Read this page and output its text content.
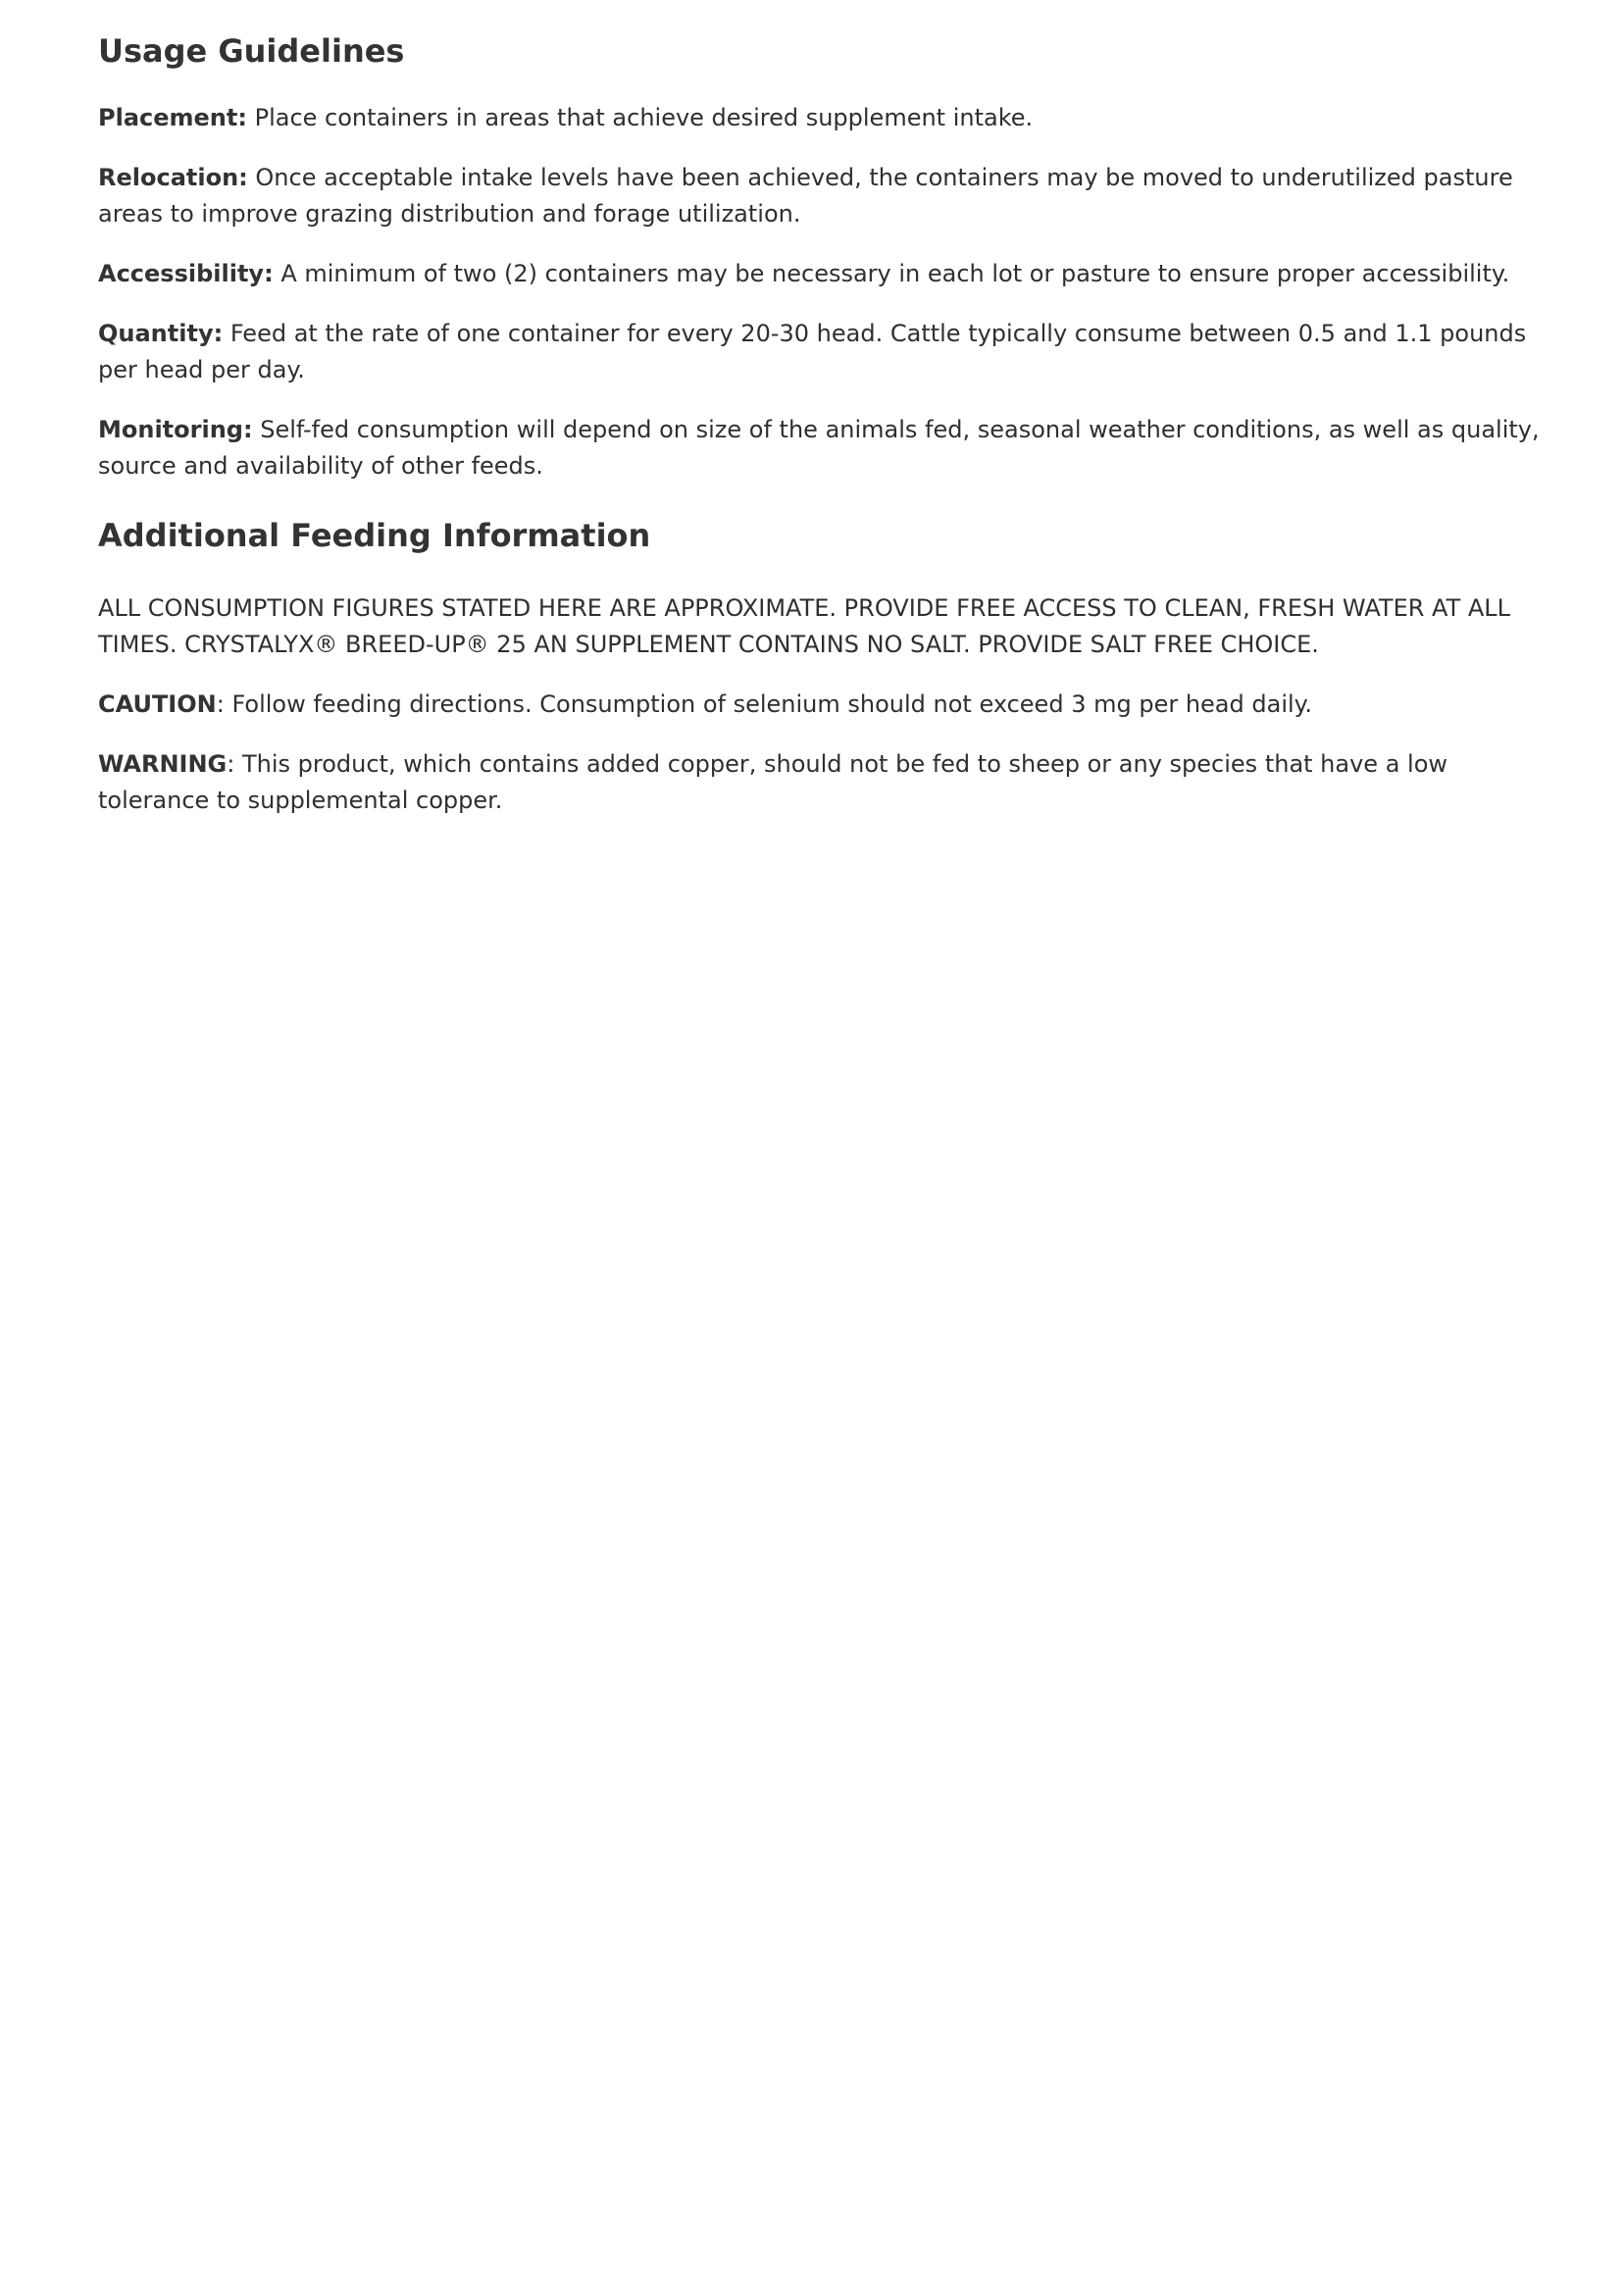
Usage Guidelines

Placement: Place containers in areas that achieve desired supplement intake.

Relocation: Once acceptable intake levels have been achieved, the containers may be moved to underutilized pasture areas to improve grazing distribution and forage utilization.

Accessibility: A minimum of two (2) containers may be necessary in each lot or pasture to ensure proper accessibility.

Quantity: Feed at the rate of one container for every 20-30 head. Cattle typically consume between 0.5 and 1.1 pounds per head per day.

Monitoring: Self-fed consumption will depend on size of the animals fed, seasonal weather conditions, as well as quality, source and availability of other feeds.

Additional Feeding Information

ALL CONSUMPTION FIGURES STATED HERE ARE APPROXIMATE. PROVIDE FREE ACCESS TO CLEAN, FRESH WATER AT ALL TIMES. CRYSTALYX® BREED-UP® 25 AN SUPPLEMENT CONTAINS NO SALT. PROVIDE SALT FREE CHOICE.

CAUTION: Follow feeding directions. Consumption of selenium should not exceed 3 mg per head daily.

WARNING: This product, which contains added copper, should not be fed to sheep or any species that have a low tolerance to supplemental copper.
